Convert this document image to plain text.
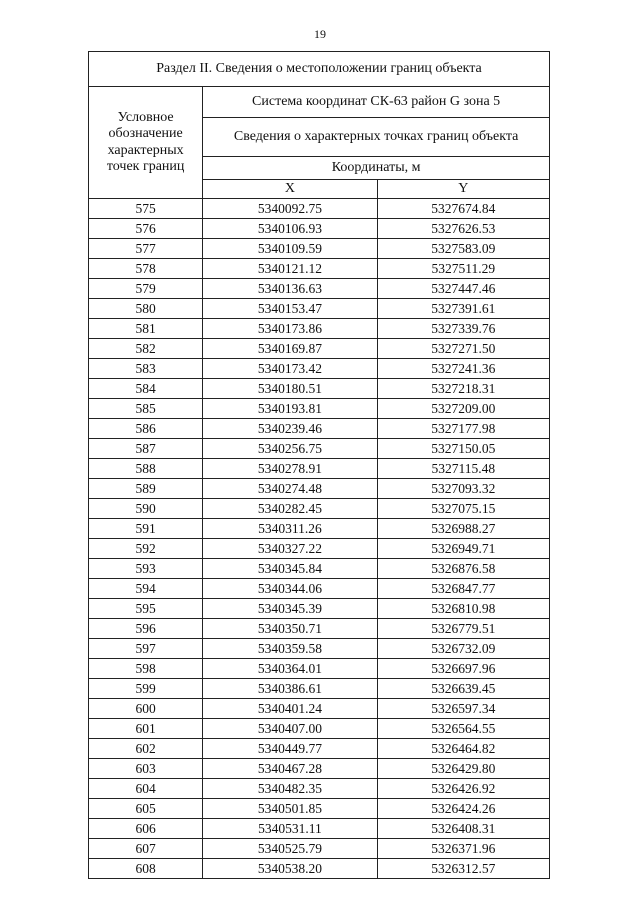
19
Раздел II. Сведения о местоположении границ объекта		
Условное
обозначение
характерных
точек границ	Система координат СК-63 район G зона 5	
	Сведения о характерных точках границ объекта	
	Координаты, м	
	X	Y
575	5340092.75	5327674.84
576	5340106.93	5327626.53
577	5340109.59	5327583.09
578	5340121.12	5327511.29
579	5340136.63	5327447.46
580	5340153.47	5327391.61
581	5340173.86	5327339.76
582	5340169.87	5327271.50
583	5340173.42	5327241.36
584	5340180.51	5327218.31
585	5340193.81	5327209.00
586	5340239.46	5327177.98
587	5340256.75	5327150.05
588	5340278.91	5327115.48
589	5340274.48	5327093.32
590	5340282.45	5327075.15
591	5340311.26	5326988.27
592	5340327.22	5326949.71
593	5340345.84	5326876.58
594	5340344.06	5326847.77
595	5340345.39	5326810.98
596	5340350.71	5326779.51
597	5340359.58	5326732.09
598	5340364.01	5326697.96
599	5340386.61	5326639.45
600	5340401.24	5326597.34
601	5340407.00	5326564.55
602	5340449.77	5326464.82
603	5340467.28	5326429.80
604	5340482.35	5326426.92
605	5340501.85	5326424.26
606	5340531.11	5326408.31
607	5340525.79	5326371.96
608	5340538.20	5326312.57
